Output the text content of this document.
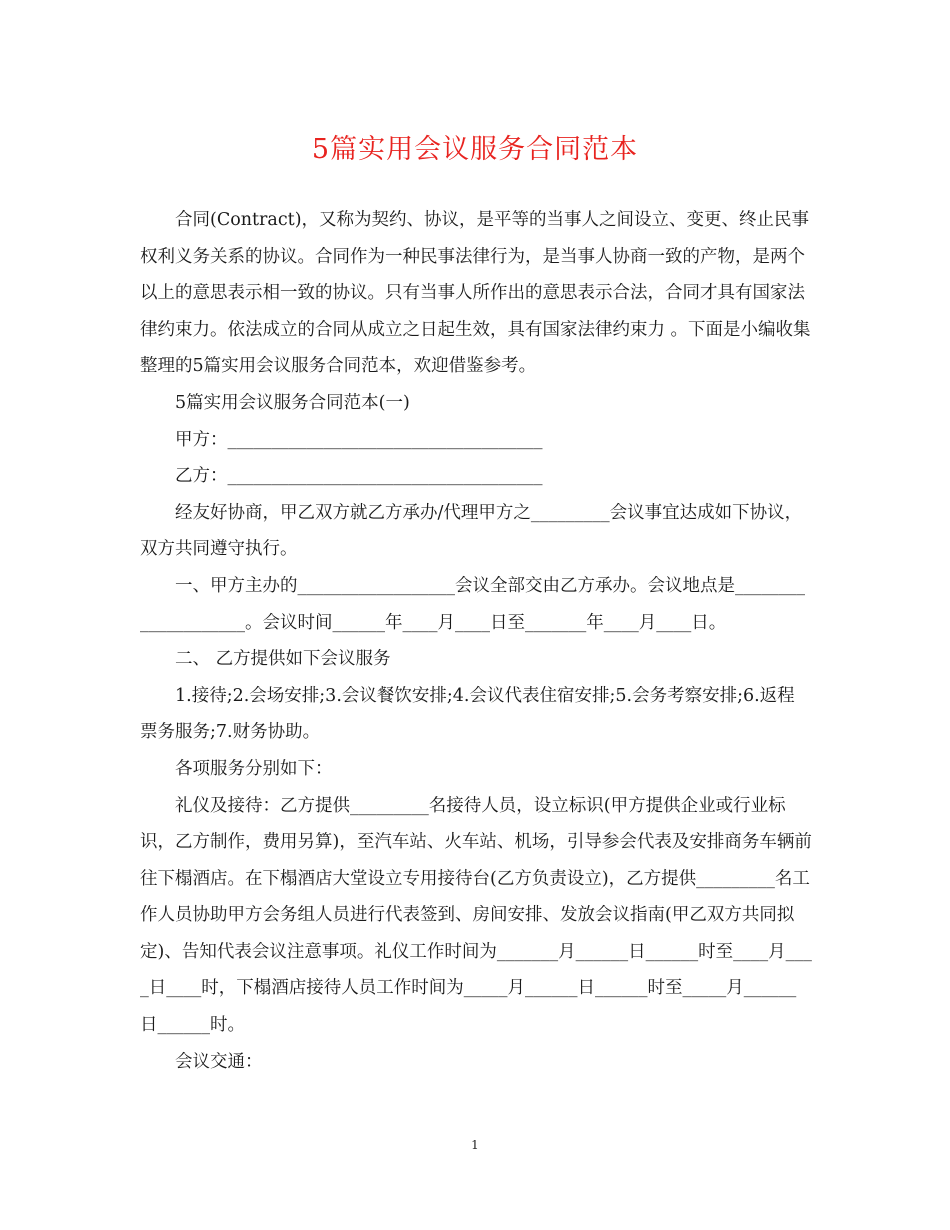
5篇实用会议服务合同范本

合同(Contract)，又称为契约、协议，是平等的当事人之间设立、变更、终止民事权利义务关系的协议。合同作为一种民事法律行为，是当事人协商一致的产物，是两个以上的意思表示相一致的协议。只有当事人所作出的意思表示合法，合同才具有国家法律约束力。依法成立的合同从成立之日起生效，具有国家法律约束力 。下面是小编收集整理的5篇实用会议服务合同范本，欢迎借鉴参考。

5篇实用会议服务合同范本(一)

甲方：____________________________________

乙方：____________________________________

经友好协商，甲乙双方就乙方承办/代理甲方之_________会议事宜达成如下协议，双方共同遵守执行。

一、甲方主办的__________________会议全部交由乙方承办。会议地点是____________________。会议时间______年____月____日至_______年____月____日。

二、 乙方提供如下会议服务

1.接待;2.会场安排;3.会议餐饮安排;4.会议代表住宿安排;5.会务考察安排;6.返程票务服务;7.财务协助。

各项服务分别如下：

礼仪及接待：乙方提供_________名接待人员，设立标识(甲方提供企业或行业标识，乙方制作，费用另算)，至汽车站、火车站、机场，引导参会代表及安排商务车辆前往下榻酒店。在下榻酒店大堂设立专用接待台(乙方负责设立)，乙方提供_________名工作人员协助甲方会务组人员进行代表签到、房间安排、发放会议指南(甲乙双方共同拟定)、告知代表会议注意事项。礼仪工作时间为_______月______日______时至____月____日____时，下榻酒店接待人员工作时间为_____月______日______时至_____月______日______时。

会议交通：

1
